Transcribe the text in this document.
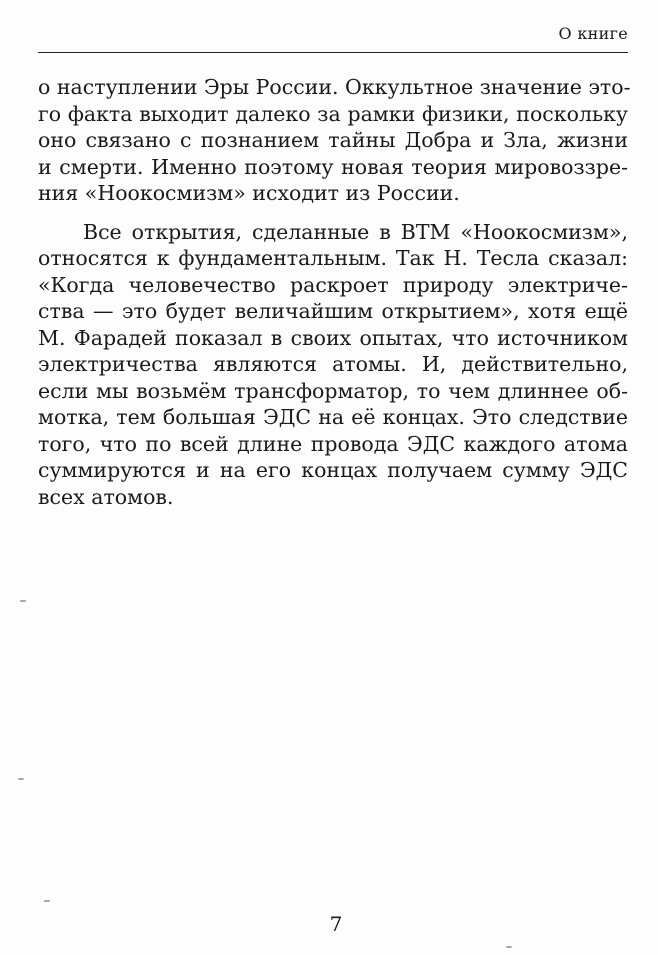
О книге
о наступлении Эры России. Оккультное значение это-
го факта выходит далеко за рамки физики, поскольку
оно связано с познанием тайны Добра и Зла, жизни
и смерти. Именно поэтому новая теория мировоззре-
ния «Ноокосмизм» исходит из России.
Все открытия, сделанные в ВТМ «Ноокосмизм»,
относятся к фундаментальным. Так Н. Тесла сказал:
«Когда человечество раскроет природу электриче-
ства — это будет величайшим открытием», хотя ещё
М. Фарадей показал в своих опытах, что источником
электричества являются атомы. И, действительно,
если мы возьмём трансформатор, то чем длиннее об-
мотка, тем большая ЭДС на её концах. Это следствие
того, что по всей длине провода ЭДС каждого атома
суммируются и на его концах получаем сумму ЭДС
всех атомов.
7
